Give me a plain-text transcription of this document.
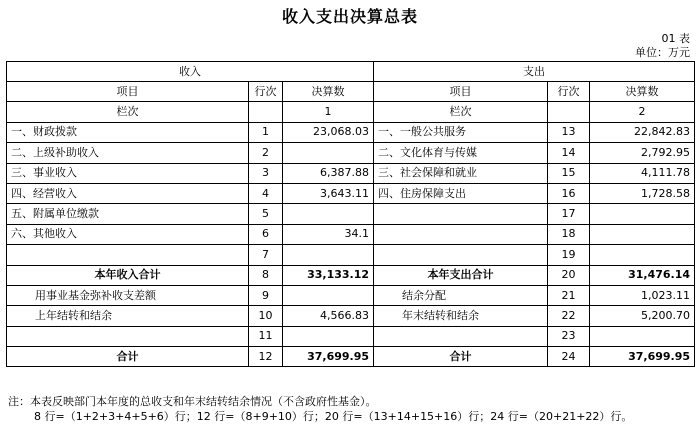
收入支出决算总表
01 表
单位：万元
收入			支出		
项目	行次	决算数	项目	行次	决算数
栏次		1	栏次		2
一、财政拨款	1	23,068.03	一、一般公共服务	13	22,842.83
二、上级补助收入	2		二、文化体育与传媒	14	2,792.95
三、事业收入	3	6,387.88	三、社会保障和就业	15	4,111.78
四、经营收入	4	3,643.11	四、住房保障支出	16	1,728.58
五、附属单位缴款	5			17	
六、其他收入	6	34.1		18	
	7			19	
本年收入合计	8	33,133.12	本年支出合计	20	31,476.14
用事业基金弥补收支差额	9		结余分配	21	1,023.11
上年结转和结余	10	4,566.83	年末结转和结余	22	5,200.70
	11			23	
合计	12	37,699.95	合计	24	37,699.95
注：本表反映部门本年度的总收支和年末结转结余情况（不含政府性基金）。
8 行=（1+2+3+4+5+6）行；12 行=（8+9+10）行；20 行=（13+14+15+16）行；24 行=（20+21+22）行。
